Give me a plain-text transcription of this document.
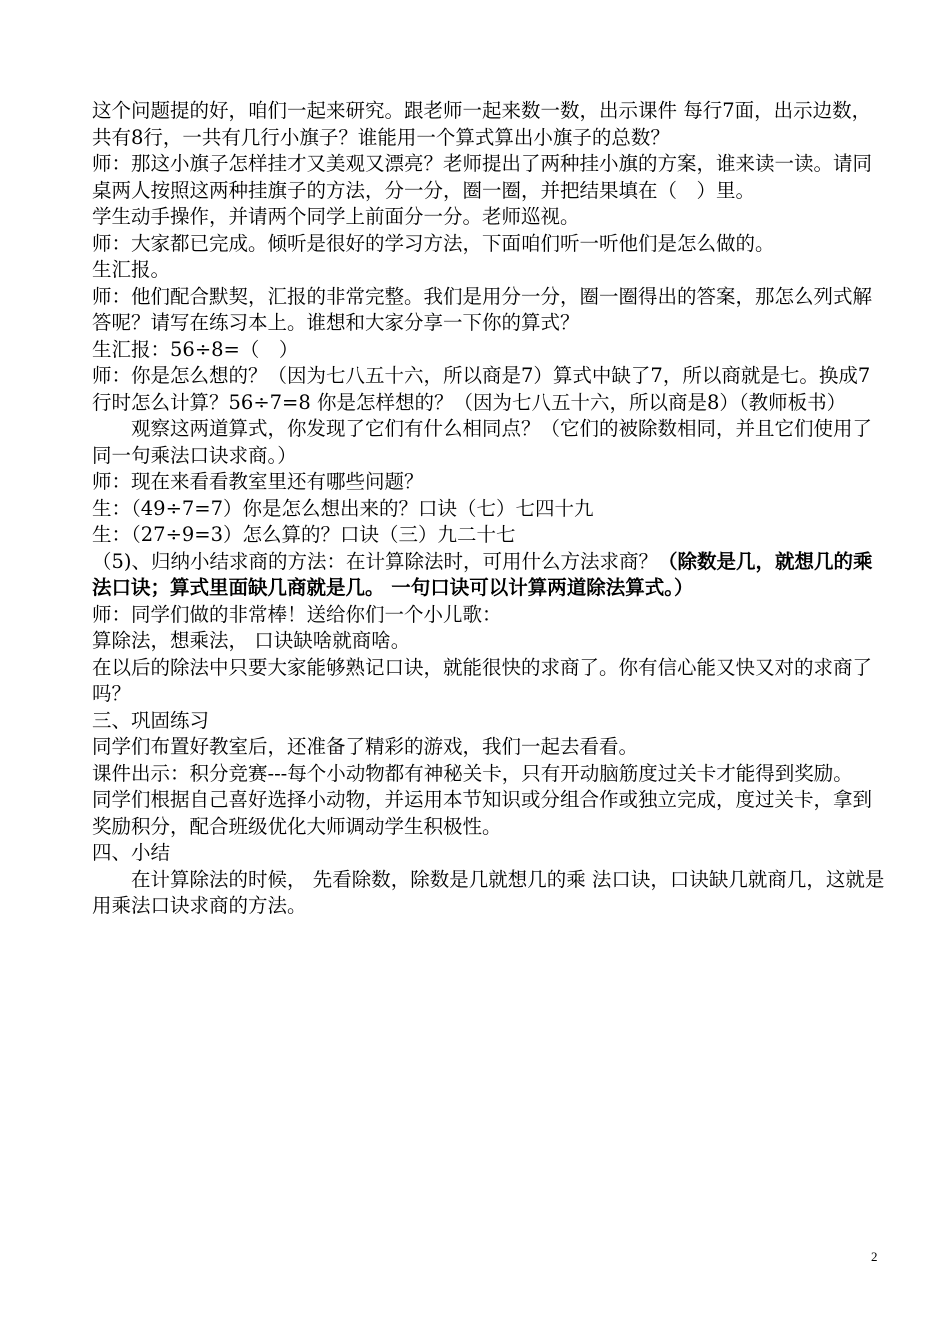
这个问题提的好，咱们一起来研究。跟老师一起来数一数，出示课件 每行7面，出示边数，共有8行，一共有几行小旗子？谁能用一个算式算出小旗子的总数？

师：那这小旗子怎样挂才又美观又漂亮？老师提出了两种挂小旗的方案，谁来读一读。请同桌两人按照这两种挂旗子的方法，分一分，圈一圈，并把结果填在（　）里。

学生动手操作，并请两个同学上前面分一分。老师巡视。

师：大家都已完成。倾听是很好的学习方法，下面咱们听一听他们是怎么做的。

生汇报。

师：他们配合默契，汇报的非常完整。我们是用分一分，圈一圈得出的答案，那怎么列式解答呢？请写在练习本上。谁想和大家分享一下你的算式？

生汇报：56÷8=（　）

师：你是怎么想的？（因为七八五十六，所以商是7）算式中缺了7，所以商就是七。换成7行时怎么计算？56÷7=8 你是怎样想的？（因为七八五十六，所以商是8）（教师板书）

观察这两道算式，你发现了它们有什么相同点？（它们的被除数相同，并且它们使用了同一句乘法口诀求商。）

师：现在来看看教室里还有哪些问题？

生：（49÷7=7）你是怎么想出来的？口诀（七）七四十九

生：（27÷9=3）怎么算的？口诀（三）九二十七

（5)、归纳小结求商的方法：在计算除法时，可用什么方法求商？（除数是几，就想几的乘法口诀；算式里面缺几商就是几。 一句口诀可以计算两道除法算式。）

师：同学们做的非常棒！送给你们一个小儿歌：

算除法，想乘法， 口诀缺啥就商啥。

在以后的除法中只要大家能够熟记口诀，就能很快的求商了。你有信心能又快又对的求商了吗？

三、巩固练习

同学们布置好教室后，还准备了精彩的游戏，我们一起去看看。

课件出示：积分竞赛---每个小动物都有神秘关卡，只有开动脑筋度过关卡才能得到奖励。

同学们根据自己喜好选择小动物，并运用本节知识或分组合作或独立完成，度过关卡，拿到奖励积分，配合班级优化大师调动学生积极性。

四、小结

在计算除法的时候， 先看除数，除数是几就想几的乘 法口诀，口诀缺几就商几，这就是用乘法口诀求商的方法。

2
